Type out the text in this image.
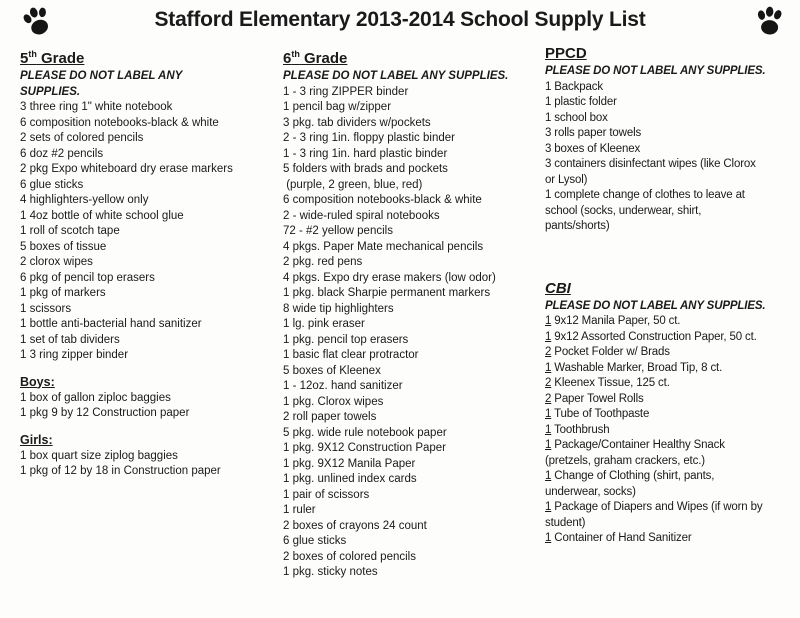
Stafford Elementary 2013-2014 School Supply List
5th Grade
PLEASE DO NOT LABEL ANY
SUPPLIES.
3 three ring 1" white notebook
6 composition notebooks-black & white
2 sets of colored pencils
6 doz #2 pencils
2 pkg Expo whiteboard dry erase markers
6 glue sticks
4 highlighters-yellow only
1 4oz bottle of white school glue
1 roll of scotch tape
5 boxes of tissue
2 clorox wipes
6 pkg of pencil top erasers
1 pkg of markers
1 scissors
1 bottle anti-bacterial hand sanitizer
1 set of tab dividers
1 3 ring zipper binder
Boys:
1 box of gallon ziploc baggies
1 pkg 9 by 12 Construction paper
Girls:
1 box quart size ziplog baggies
1 pkg of 12 by 18 in Construction paper
6th Grade
PLEASE DO NOT LABEL ANY SUPPLIES.
1 - 3 ring ZIPPER binder
1 pencil bag w/zipper
3 pkg. tab dividers w/pockets
2 - 3 ring 1in. floppy plastic binder
1 - 3 ring 1in. hard plastic binder
5 folders with brads and pockets
(purple, 2 green, blue, red)
6 composition notebooks-black & white
2 - wide-ruled spiral notebooks
72 - #2 yellow pencils
4 pkgs. Paper Mate mechanical pencils
2 pkg. red pens
4 pkgs. Expo dry erase makers (low odor)
1 pkg. black Sharpie permanent markers
8 wide tip highlighters
1 lg. pink eraser
1 pkg. pencil top erasers
1 basic flat clear protractor
5 boxes of Kleenex
1 - 12oz. hand sanitizer
1 pkg. Clorox wipes
2 roll paper towels
5 pkg. wide rule notebook paper
1 pkg. 9X12 Construction Paper
1 pkg. 9X12 Manila Paper
1 pkg. unlined index cards
1 pair of scissors
1 ruler
2 boxes of crayons 24 count
6 glue sticks
2 boxes of colored pencils
1 pkg. sticky notes
PPCD
PLEASE DO NOT LABEL ANY SUPPLIES.
1 Backpack
1 plastic folder
1 school box
3 rolls paper towels
3 boxes of Kleenex
3 containers disinfectant wipes (like Clorox
or Lysol)
1 complete change of clothes to leave at
school (socks, underwear, shirt,
pants/shorts)
CBI
PLEASE DO NOT LABEL ANY SUPPLIES.
1 9x12 Manila Paper, 50 ct.
1 9x12 Assorted Construction Paper, 50 ct.
2 Pocket Folder w/ Brads
1 Washable Marker, Broad Tip, 8 ct.
2 Kleenex Tissue, 125 ct.
2 Paper Towel Rolls
1 Tube of Toothpaste
1 Toothbrush
1 Package/Container Healthy Snack
(pretzels, graham crackers, etc.)
1 Change of Clothing (shirt, pants,
underwear, socks)
1 Package of Diapers and Wipes (if worn by
student)
1 Container of Hand Sanitizer
